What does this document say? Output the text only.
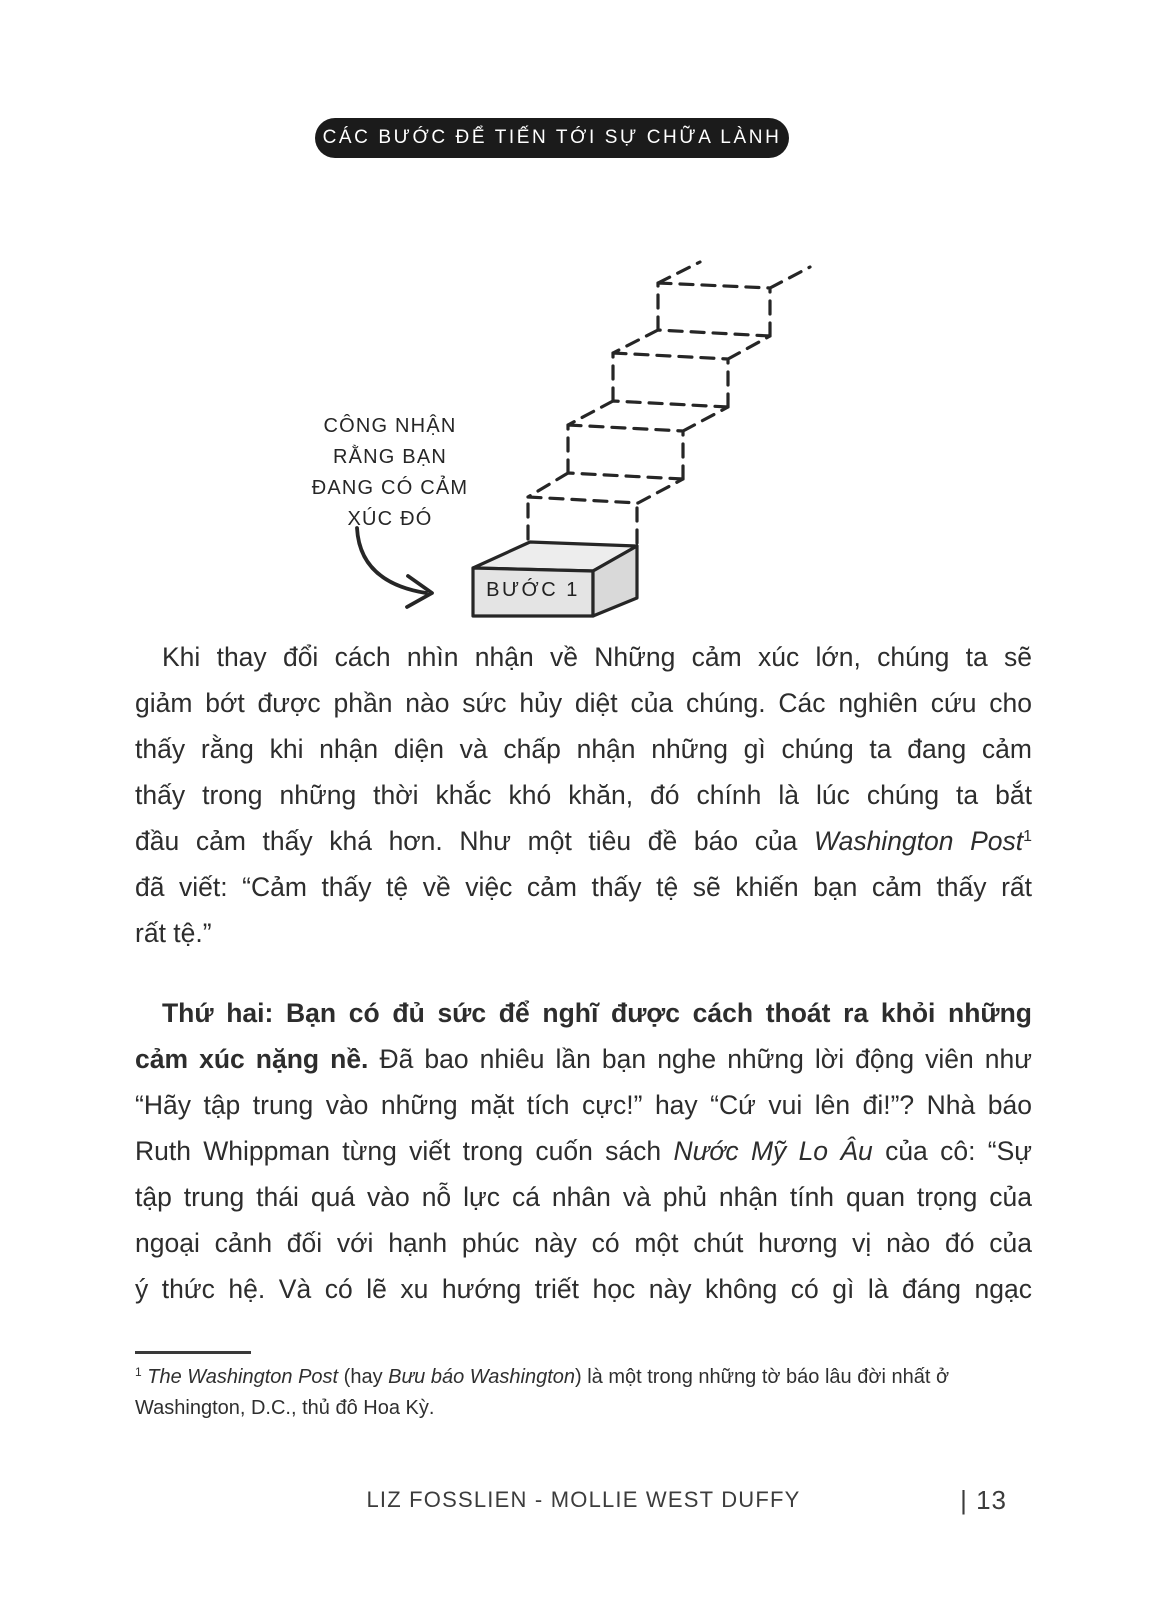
CÁC BƯỚC ĐỂ TIẾN TỚI SỰ CHỮA LÀNH
CÔNG NHẬN
RẰNG BẠN
ĐANG CÓ CẢM
XÚC ĐÓ
BƯỚC 1
Khi thay đổi cách nhìn nhận về Những cảm xúc lớn, chúng ta sẽ
giảm bớt được phần nào sức hủy diệt của chúng. Các nghiên cứu cho
thấy rằng khi nhận diện và chấp nhận những gì chúng ta đang cảm
thấy trong những thời khắc khó khăn, đó chính là lúc chúng ta bắt
đầu cảm thấy khá hơn. Như một tiêu đề báo của Washington Post$^1$
đã viết: “Cảm thấy tệ về việc cảm thấy tệ sẽ khiến bạn cảm thấy rất
rất tệ.”
Thứ hai: Bạn có đủ sức để nghĩ được cách thoát ra khỏi những
cảm xúc nặng nề. Đã bao nhiêu lần bạn nghe những lời động viên như
“Hãy tập trung vào những mặt tích cực!” hay “Cứ vui lên đi!”? Nhà báo
Ruth Whippman từng viết trong cuốn sách Nước Mỹ Lo Âu của cô: “Sự
tập trung thái quá vào nỗ lực cá nhân và phủ nhận tính quan trọng của
ngoại cảnh đối với hạnh phúc này có một chút hương vị nào đó của
ý thức hệ. Và có lẽ xu hướng triết học này không có gì là đáng ngạc
$^1$ The Washington Post (hay Bưu báo Washington) là một trong những tờ báo lâu đời nhất ở
Washington, D.C., thủ đô Hoa Kỳ.
LIZ FOSSLIEN - MOLLIE WEST DUFFY	| 13
